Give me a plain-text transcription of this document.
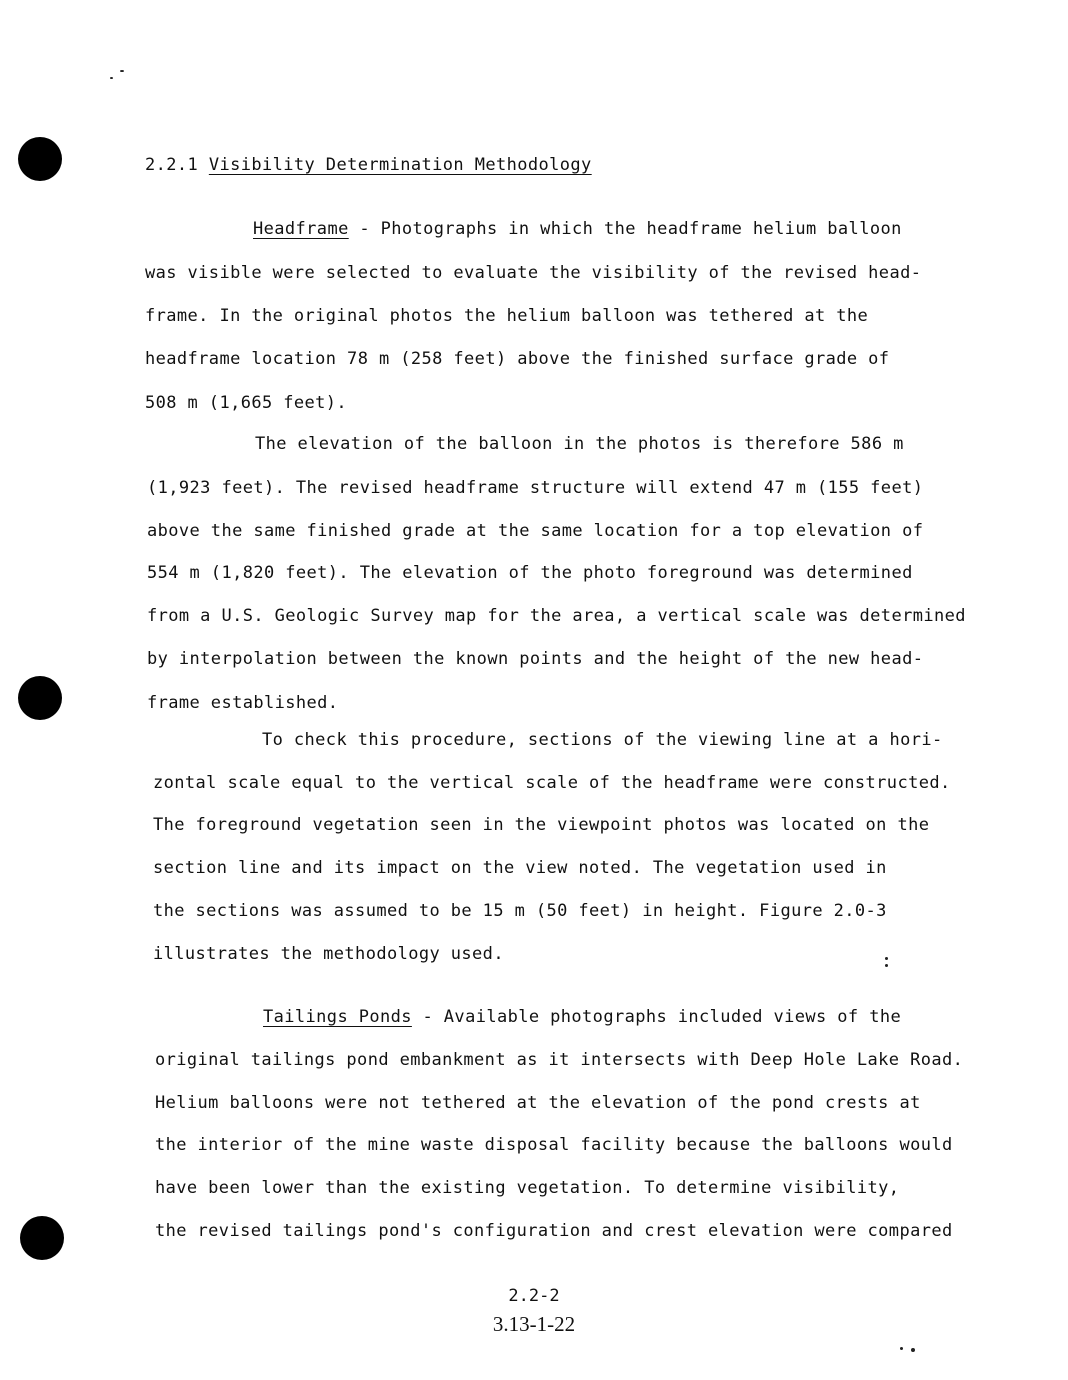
2.2.1 Visibility Determination Methodology
Headframe - Photographs in which the headframe helium balloon
was visible were selected to evaluate the visibility of the revised head-
frame. In the original photos the helium balloon was tethered at the
headframe location 78 m (258 feet) above the finished surface grade of
508 m (1,665 feet).
The elevation of the balloon in the photos is therefore 586 m
(1,923 feet). The revised headframe structure will extend 47 m (155 feet)
above the same finished grade at the same location for a top elevation of
554 m (1,820 feet). The elevation of the photo foreground was determined
from a U.S. Geologic Survey map for the area, a vertical scale was determined
by interpolation between the known points and the height of the new head-
frame established.
To check this procedure, sections of the viewing line at a hori-
zontal scale equal to the vertical scale of the headframe were constructed.
The foreground vegetation seen in the viewpoint photos was located on the
section line and its impact on the view noted. The vegetation used in
the sections was assumed to be 15 m (50 feet) in height. Figure 2.0-3
illustrates the methodology used.
Tailings Ponds - Available photographs included views of the
original tailings pond embankment as it intersects with Deep Hole Lake Road.
Helium balloons were not tethered at the elevation of the pond crests at
the interior of the mine waste disposal facility because the balloons would
have been lower than the existing vegetation. To determine visibility,
the revised tailings pond's configuration and crest elevation were compared
2.2-2
3.13-1-22
